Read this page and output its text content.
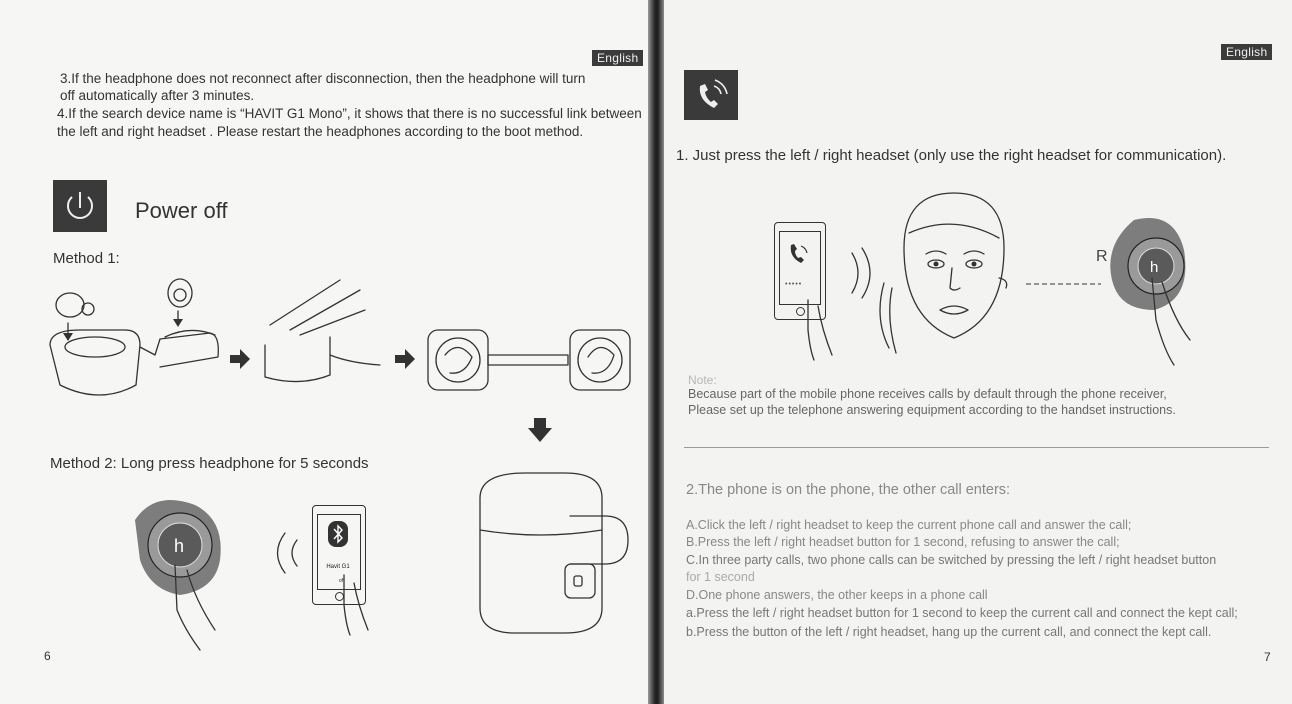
English
3.If the headphone does not reconnect after disconnection, then the headphone will turn
off automatically after 3 minutes.
4.If the search device name is “HAVIT G1 Mono”, it shows that there is no successful link between
the left and right headset . Please restart the headphones according to the boot method.
Power off
Method 1:
Method 2: Long press headphone for 5 seconds
h
Havit G1
off
6
English
1. Just press the left / right headset (only use the right headset for communication).
•••••
R
h
Note:
Because part of the mobile phone receives calls by default through the phone receiver,
Please set up the telephone answering equipment according to the handset instructions.
2.The phone is on the phone, the other call enters:
A.Click the left / right headset to keep the current phone call and answer the call;
B.Press the left / right headset button for 1 second, refusing to answer the call;
C.In three party calls, two phone calls can be switched by pressing the left / right headset button
for 1 second
D.One phone answers, the other keeps in a phone call
a.Press the left / right headset button for 1 second to keep the current call and connect the kept call;
b.Press the button of the left / right headset, hang up the current call, and connect the kept call.
7
